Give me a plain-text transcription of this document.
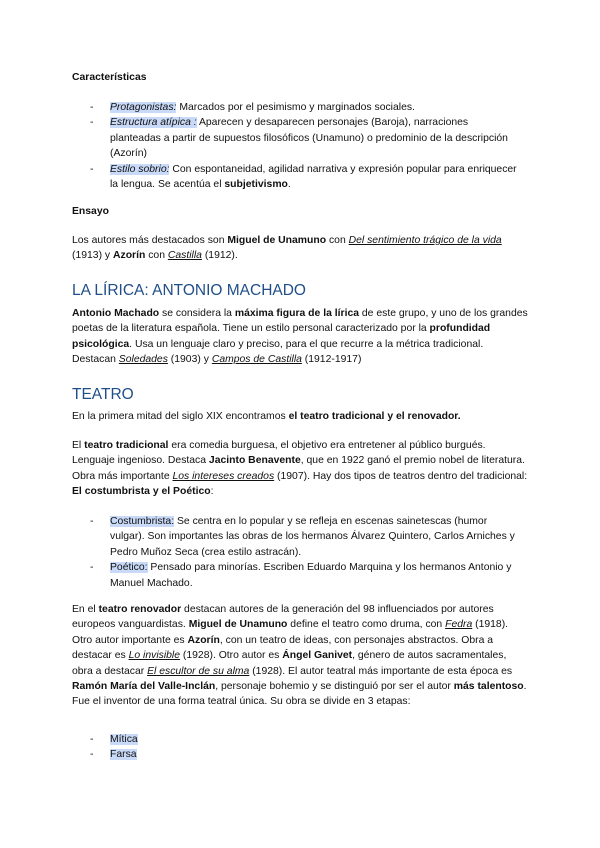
Características
- Protagonistas: Marcados por el pesimismo y marginados sociales.
- Estructura atípica : Aparecen y desaparecen personajes (Baroja), narraciones planteadas a partir de supuestos filosóficos (Unamuno) o predominio de la descripción (Azorín)
- Estilo sobrio: Con espontaneidad, agilidad narrativa y expresión popular para enriquecer la lengua. Se acentúa el subjetivismo.
Ensayo
Los autores más destacados son Miguel de Unamuno con Del sentimiento trágico de la vida (1913) y Azorín con Castilla (1912).
LA LÍRICA: ANTONIO MACHADO
Antonio Machado se considera la máxima figura de la lírica de este grupo, y uno de los grandes poetas de la literatura española. Tiene un estilo personal caracterizado por la profundidad psicológica. Usa un lenguaje claro y preciso, para el que recurre a la métrica tradicional. Destacan Soledades (1903) y Campos de Castilla (1912-1917)
TEATRO
En la primera mitad del siglo XIX encontramos el teatro tradicional y el renovador.
El teatro tradicional era comedia burguesa, el objetivo era entretener al público burgués. Lenguaje ingenioso. Destaca Jacinto Benavente, que en 1922 ganó el premio nobel de literatura. Obra más importante Los intereses creados (1907). Hay dos tipos de teatros dentro del tradicional: El costumbrista y el Poético:
- Costumbrista: Se centra en lo popular y se refleja en escenas sainetescas (humor vulgar). Son importantes las obras de los hermanos Álvarez Quintero, Carlos Arniches y Pedro Muñoz Seca (crea estilo astracán).
- Poético: Pensado para minorías. Escriben Eduardo Marquina y los hermanos Antonio y Manuel Machado.
En el teatro renovador destacan autores de la generación del 98 influenciados por autores europeos vanguardistas. Miguel de Unamuno define el teatro como druma, con Fedra (1918). Otro autor importante es Azorín, con un teatro de ideas, con personajes abstractos. Obra a destacar es Lo invisible (1928). Otro autor es Ángel Ganivet, género de autos sacramentales, obra a destacar El escultor de su alma (1928). El autor teatral más importante de esta época es Ramón María del Valle-Inclán, personaje bohemio y se distinguió por ser el autor más talentoso. Fue el inventor de una forma teatral única. Su obra se divide en 3 etapas:
- Mítica
- Farsa
